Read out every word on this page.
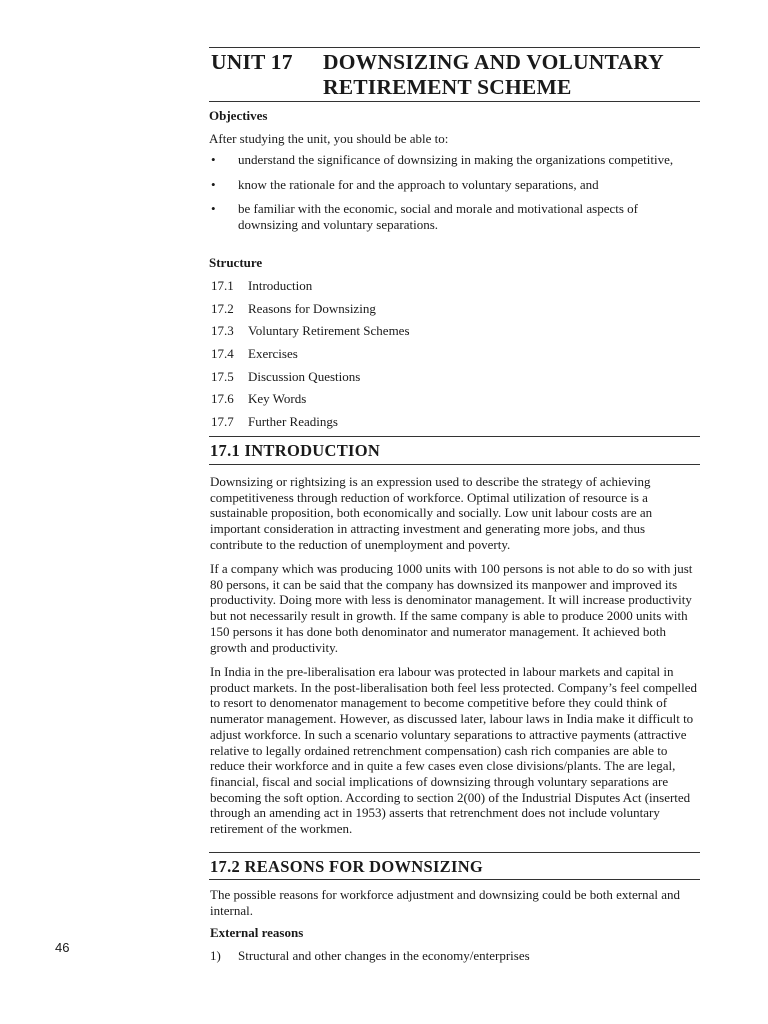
UNIT 17 DOWNSIZING AND VOLUNTARY
RETIREMENT SCHEME
Objectives
After studying the unit, you should be able to:
• understand the significance of downsizing in making the organizations competitive,
• know the rationale for and the approach to voluntary separations, and
• be familiar with the economic, social and morale and motivational aspects of downsizing and voluntary separations.
Structure
17.1 Introduction
17.2 Reasons for Downsizing
17.3 Voluntary Retirement Schemes
17.4 Exercises
17.5 Discussion Questions
17.6 Key Words
17.7 Further Readings
17.1 INTRODUCTION
Downsizing or rightsizing is an expression used to describe the strategy of achieving competitiveness through reduction of workforce. Optimal utilization of resource is a sustainable proposition, both economically and socially. Low unit labour costs are an important consideration in attracting investment and generating more jobs, and thus contribute to the reduction of unemployment and poverty.
If a company which was producing 1000 units with 100 persons is not able to do so with just 80 persons, it can be said that the company has downsized its manpower and improved its productivity. Doing more with less is denominator management. It will increase productivity but not necessarily result in growth. If the same company is able to produce 2000 units with 150 persons it has done both denominator and numerator management. It achieved both growth and productivity.
In India in the pre-liberalisation era labour was protected in labour markets and capital in product markets. In the post-liberalisation both feel less protected. Company’s feel compelled to resort to denomenator management to become competitive before they could think of numerator management. However, as discussed later, labour laws in India make it difficult to adjust workforce. In such a scenario voluntary separations to attractive payments (attractive relative to legally ordained retrenchment compensation) cash rich companies are able to reduce their workforce and in quite a few cases even close divisions/plants. The are legal, financial, fiscal and social implications of downsizing through voluntary separations are becoming the soft option. According to section 2(00) of the Industrial Disputes Act (inserted through an amending act in 1953) asserts that retrenchment does not include voluntary retirement of the workmen.
17.2 REASONS FOR DOWNSIZING
The possible reasons for workforce adjustment and downsizing could be both external and internal.
External reasons
1) Structural and other changes in the economy/enterprises
46
